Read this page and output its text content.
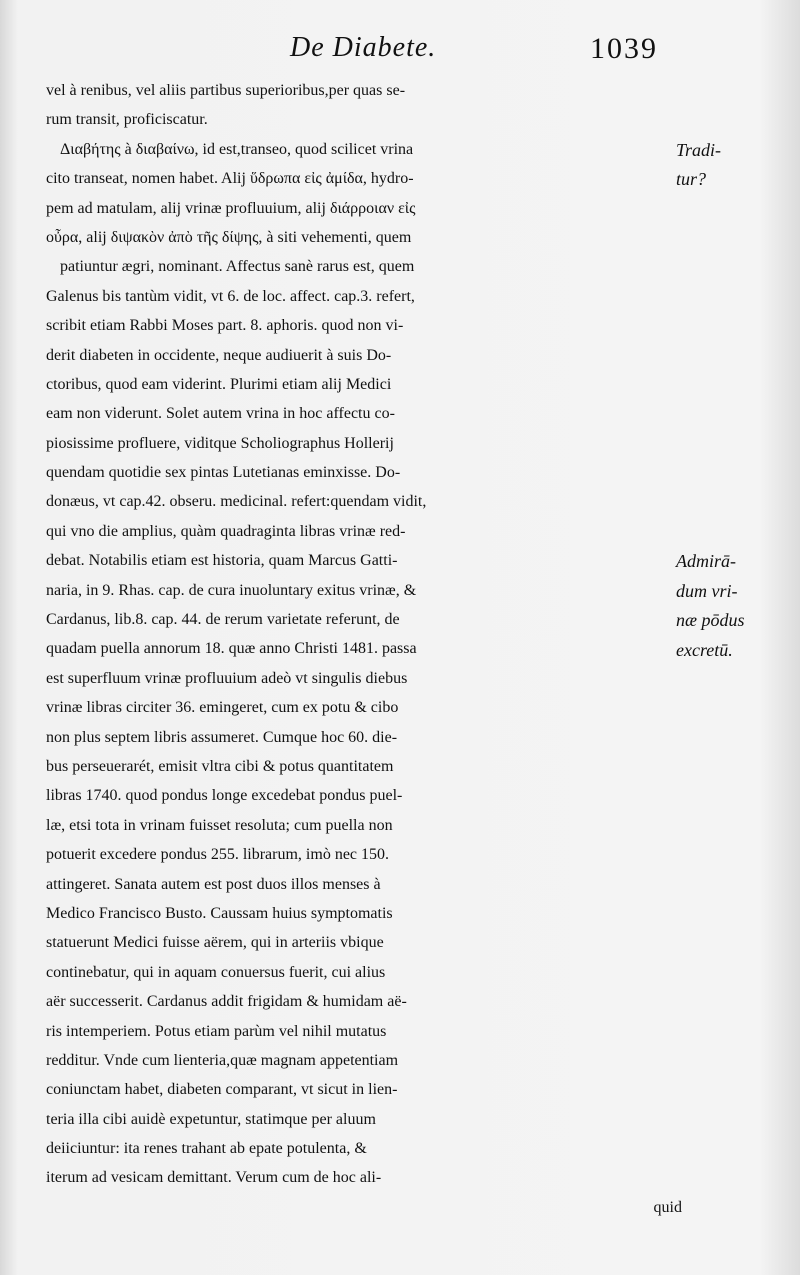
De Diabete.	1039
vel à renibus, vel aliis partibus superioribus,per quas se-
rum transit, proficiscatur.
Διαβήτης à διαβαίνω, id est,transeo, quod scilicet vrina
cito transeat, nomen habet. Alij ὕδρωπα εἰς ἀμίδα, hydro-
pem ad matulam, alij vrinæ profluuium, alij διάρροιαν εἰς
οὖρα, alij διψακὸν ἀπὸ τῆς δίψης, à siti vehementi, quem
patiuntur ægri, nominant. Affectus sanè rarus est, quem
Galenus bis tantùm vidit, vt 6. de loc. affect. cap.3. refert,
scribit etiam Rabbi Moses part. 8. aphoris. quod non vi-
derit diabeten in occidente, neque audiuerit à suis Do-
ctoribus, quod eam viderint. Plurimi etiam alij Medici
eam non viderunt. Solet autem vrina in hoc affectu co-
piosissime profluere, viditque Scholiographus Hollerij
quendam quotidie sex pintas Lutetianas eminxisse. Do-
donæus, vt cap.42. obseru. medicinal. refert:quendam vidit,
qui vno die amplius, quàm quadraginta libras vrinæ red-
debat. Notabilis etiam est historia, quam Marcus Gatti-
naria, in 9. Rhas. cap. de cura inuoluntary exitus vrinæ, &
Cardanus, lib.8. cap. 44. de rerum varietate referunt, de
quadam puella annorum 18. quæ anno Christi 1481. passa
est superfluum vrinæ profluuium adeò vt singulis diebus
vrinæ libras circiter 36. emingeret, cum ex potu & cibo
non plus septem libris assumeret. Cumque hoc 60. die-
bus perseuerarét, emisit vltra cibi & potus quantitatem
libras 1740. quod pondus longe excedebat pondus puel-
læ, etsi tota in vrinam fuisset resoluta; cum puella non
potuerit excedere pondus 255. librarum, imò nec 150.
attingeret. Sanata autem est post duos illos menses à
Medico Francisco Busto. Caussam huius symptomatis
statuerunt Medici fuisse aërem, qui in arteriis vbique
continebatur, qui in aquam conuersus fuerit, cui alius
aër successerit. Cardanus addit frigidam & humidam aë-
ris intemperiem. Potus etiam parùm vel nihil mutatus
redditur. Vnde cum lienteria,quæ magnam appetentiam
coniunctam habet, diabeten comparant, vt sicut in lien-
teria illa cibi auidè expetuntur, statimque per aluum
deiiciuntur: ita renes trahant ab epate potulenta, &
iterum ad vesicam demittant. Verum cum de hoc ali-
quid
Tradi-
tur?
Admirā-
dum vri-
næ pōdus
excretū.
